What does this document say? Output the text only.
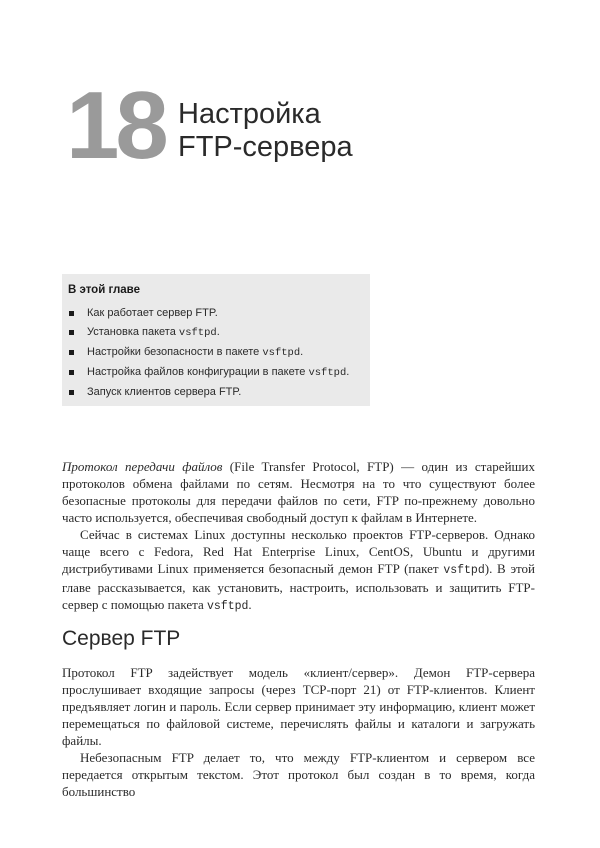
18 Настройка
FTP-сервера
В этой главе
Как работает сервер FTP.
Установка пакета vsftpd.
Настройки безопасности в пакете vsftpd.
Настройка файлов конфигурации в пакете vsftpd.
Запуск клиентов сервера FTP.

Протокол передачи файлов (File Transfer Protocol, FTP) — один из старейших протоколов обмена файлами по сетям. Несмотря на то что существуют более безопасные протоколы для передачи файлов по сети, FTP по-прежнему довольно часто используется, обеспечивая свободный доступ к файлам в Интернете.

Сейчас в системах Linux доступны несколько проектов FTP-серверов. Однако чаще всего с Fedora, Red Hat Enterprise Linux, CentOS, Ubuntu и другими дистрибутивами Linux применяется безопасный демон FTP (пакет vsftpd). В этой главе рассказывается, как установить, настроить, использовать и защитить FTP-сервер с помощью пакета vsftpd.

Сервер FTP

Протокол FTP задействует модель «клиент/сервер». Демон FTP-сервера прослушивает входящие запросы (через TCP-порт 21) от FTP-клиентов. Клиент предъявляет логин и пароль. Если сервер принимает эту информацию, клиент может перемещаться по файловой системе, перечислять файлы и каталоги и загружать файлы.

Небезопасным FTP делает то, что между FTP-клиентом и сервером все передается открытым текстом. Этот протокол был создан в то время, когда большинство
